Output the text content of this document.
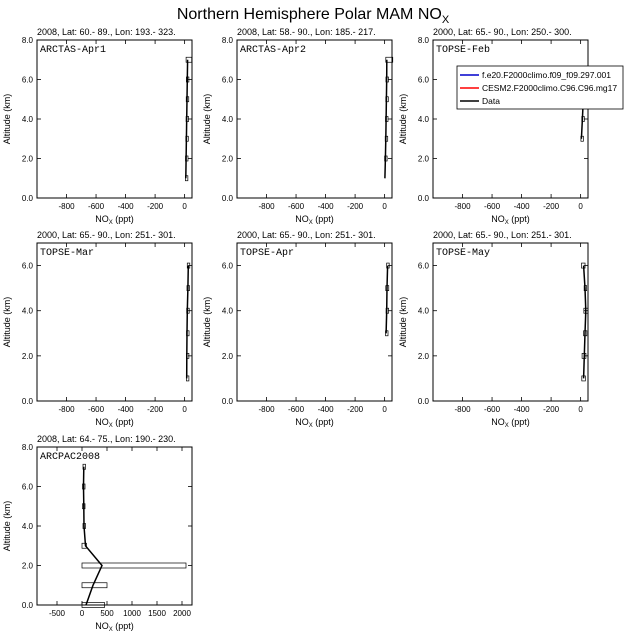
Northern Hemisphere Polar MAM $NO_X$
2008, Lat: 60.- 89., Lon: 193.- 323.
-800 -600 -400 -200 0
0.0
2.0
4.0
6.0
8.0
$NO_X$ (ppt)
Altitude (km)
ARCTAS-Apr1
2008, Lat: 58.- 90., Lon: 185.- 217.
-800 -600 -400 -200 0
0.0
2.0
4.0
6.0
8.0
$NO_X$ (ppt)
Altitude (km)
ARCTAS-Apr2
2000, Lat: 65.- 90., Lon: 250.- 300.
-800 -600 -400 -200 0
0.0
2.0
4.0
6.0
8.0
$NO_X$ (ppt)
Altitude (km)
TOPSE-Feb
2000, Lat: 65.- 90., Lon: 251.- 301.
-800 -600 -400 -200 0
0.0
2.0
4.0
6.0
$NO_X$ (ppt)
Altitude (km)
TOPSE-Mar
2000, Lat: 65.- 90., Lon: 251.- 301.
-800 -600 -400 -200 0
0.0
2.0
4.0
6.0
$NO_X$ (ppt)
Altitude (km)
TOPSE-Apr
2000, Lat: 65.- 90., Lon: 251.- 301.
-800 -600 -400 -200 0
0.0
2.0
4.0
6.0
$NO_X$ (ppt)
Altitude (km)
TOPSE-May
2008, Lat: 64.- 75., Lon: 190.- 230.
-500 0 500 1000 1500 2000
0.0
2.0
4.0
6.0
8.0
$NO_X$ (ppt)
Altitude (km)
ARCPAC2008
f.e20.F2000climo.f09_f09.297.001
CESM2.F2000climo.C96.C96.mg17
Data
